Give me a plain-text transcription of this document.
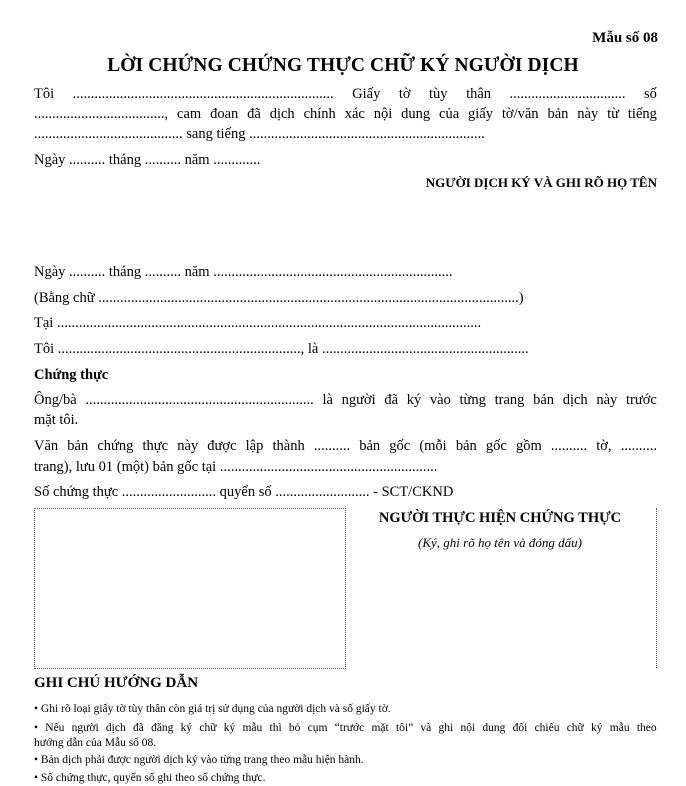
Mẫu số 08
LỜI CHỨNG CHỨNG THỰC CHỮ KÝ NGƯỜI DỊCH
Tôi ........................................................................ Giấy tờ tùy thân ................................ số
...................................., cam đoan đã dịch chính xác nội dung của giấy tờ/văn bản này từ tiếng
......................................... sang tiếng .................................................................
Ngày .......... tháng .......... năm .............
NGƯỜI DỊCH KÝ VÀ GHI RÕ HỌ TÊN
Ngày .......... tháng .......... năm ..................................................................
(Bằng chữ ....................................................................................................................)
Tại .....................................................................................................................
Tôi ..................................................................., là .........................................................
Chứng thực
Ông/bà ............................................................... là người đã ký vào từng trang bản dịch này trước
mặt tôi.
Văn bản chứng thực này được lập thành .......... bản gốc (mỗi bản gốc gồm .......... tờ, ..........
trang), lưu 01 (một) bản gốc tại ............................................................
Số chứng thực .......................... quyển số .......................... - SCT/CKND
NGƯỜI THỰC HIỆN CHỨNG THỰC
(Ký, ghi rõ họ tên và đóng dấu)
GHI CHÚ HƯỚNG DẪN
• Ghi rõ loại giấy tờ tùy thân còn giá trị sử dụng của người dịch và số giấy tờ.
• Nếu người dịch đã đăng ký chữ ký mẫu thì bỏ cụm “trước mặt tôi” và ghi nội dung đối chiếu chữ ký mẫu theo
hướng dẫn của Mẫu số 08.
• Bản dịch phải được người dịch ký vào từng trang theo mẫu hiện hành.
• Số chứng thực, quyển số ghi theo sổ chứng thực.
